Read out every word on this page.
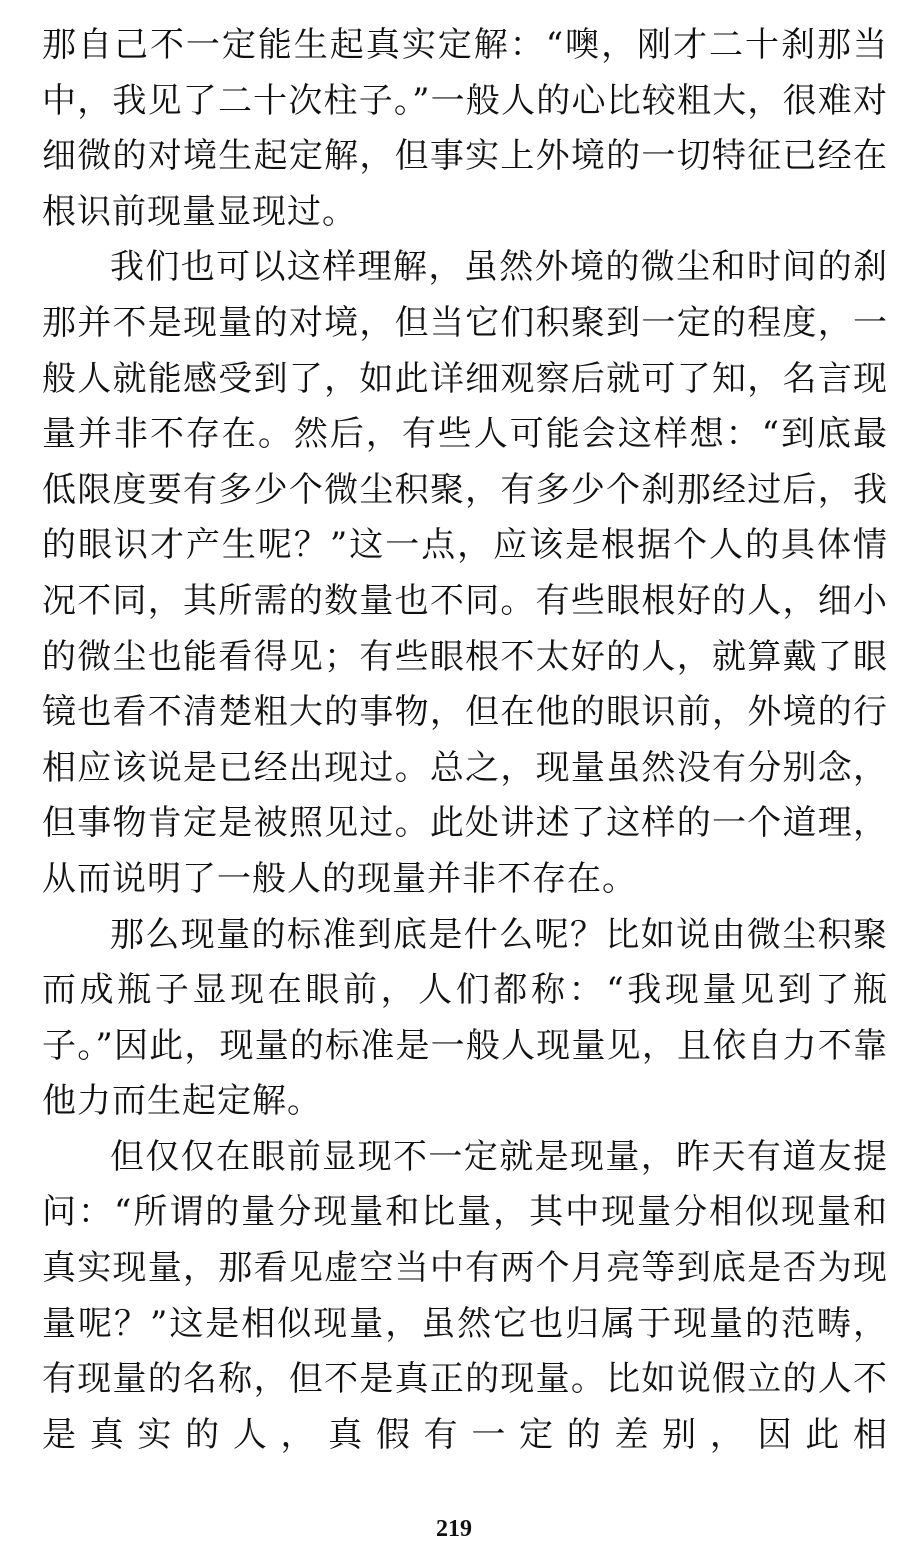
那自己不一定能生起真实定解：“噢，刚才二十刹那当中，我见了二十次柱子。”一般人的心比较粗大，很难对细微的对境生起定解，但事实上外境的一切特征已经在根识前现量显现过。

我们也可以这样理解，虽然外境的微尘和时间的刹那并不是现量的对境，但当它们积聚到一定的程度，一般人就能感受到了，如此详细观察后就可了知，名言现量并非不存在。然后，有些人可能会这样想：“到底最低限度要有多少个微尘积聚，有多少个刹那经过后，我的眼识才产生呢？”这一点，应该是根据个人的具体情况不同，其所需的数量也不同。有些眼根好的人，细小的微尘也能看得见；有些眼根不太好的人，就算戴了眼镜也看不清楚粗大的事物，但在他的眼识前，外境的行相应该说是已经出现过。总之，现量虽然没有分别念，但事物肯定是被照见过。此处讲述了这样的一个道理，从而说明了一般人的现量并非不存在。

那么现量的标准到底是什么呢？比如说由微尘积聚而成瓶子显现在眼前，人们都称：“我现量见到了瓶子。”因此，现量的标准是一般人现量见，且依自力不靠他力而生起定解。

但仅仅在眼前显现不一定就是现量，昨天有道友提问：“所谓的量分现量和比量，其中现量分相似现量和真实现量，那看见虚空当中有两个月亮等到底是否为现量呢？”这是相似现量，虽然它也归属于现量的范畴，有现量的名称，但不是真正的现量。比如说假立的人不是真实的人，真假有一定的差别，因此相

219
